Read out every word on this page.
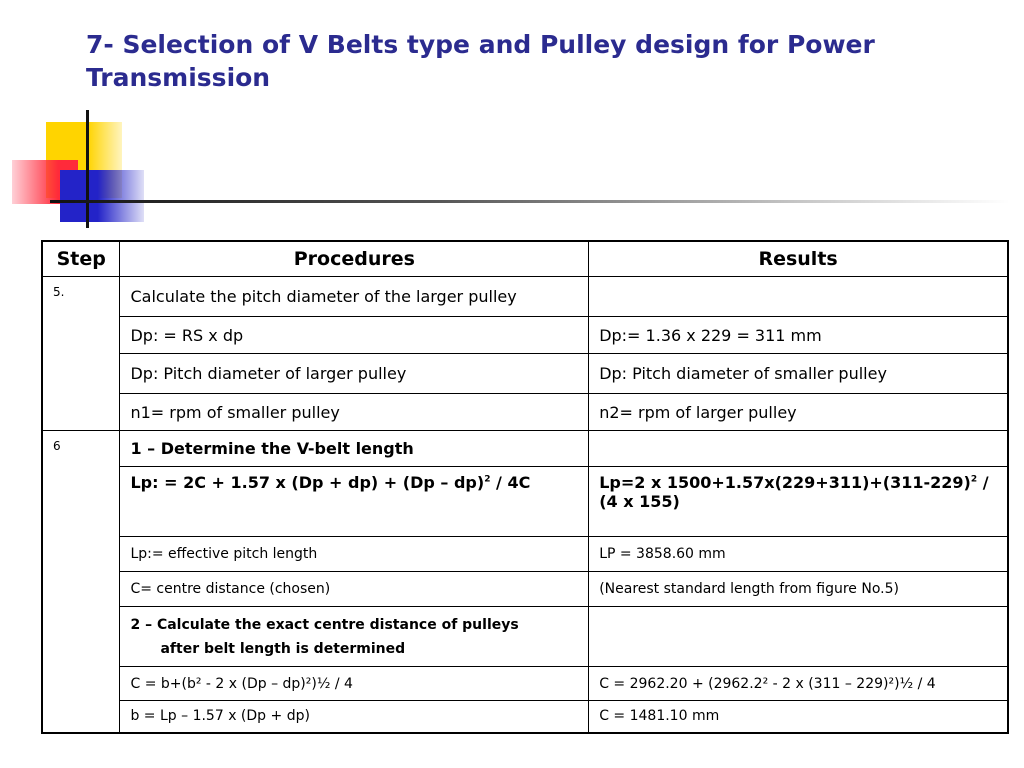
7- Selection of V Belts type and Pulley design for Power Transmission
Step	Procedures	Results
5.	Calculate the pitch diameter of the larger pulley	
	Dp: = RS x dp	Dp:= 1.36 x 229 = 311 mm
	Dp: Pitch diameter of larger pulley	Dp: Pitch diameter of smaller pulley
	n1= rpm of smaller pulley	n2= rpm of larger pulley
6	1 – Determine the V-belt length	
	Lp: = 2C + 1.57 x (Dp + dp) + (Dp – dp)$^2$ / 4C	Lp=2 x $1500+1.57x(229+311)+(311-229)^2 / (4$ x 155)
	Lp:= effective pitch length	LP = 3858.60 mm
	C= centre distance (chosen)	(Nearest standard length from figure No.5)
	2 – Calculate the exact centre distance of pulleys
after belt length is determined	

	C = b+(b² - 2 x (Dp – dp)²)½ / 4	C = 2962.20 + (2962.2² - 2 x (311 – 229)²)½ / 4
	b = Lp – 1.57 x (Dp + dp)	C = 1481.10 mm
